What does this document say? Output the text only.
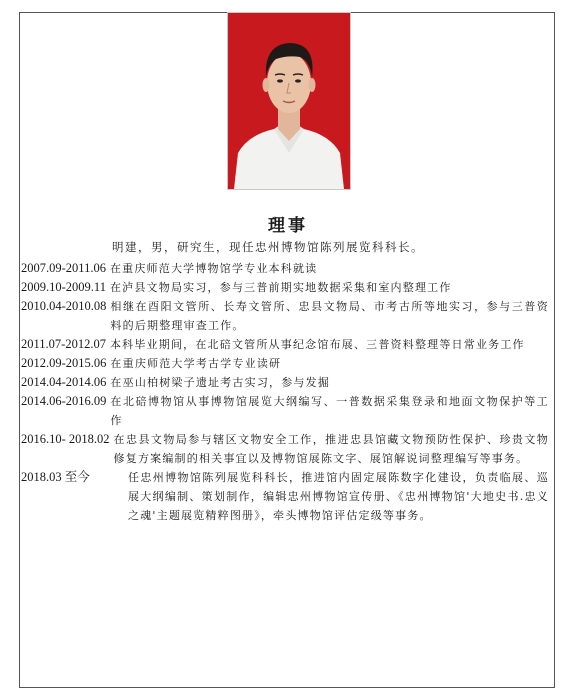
理事
明建，男，研究生，现任忠州博物馆陈列展览科科长。
2007.09-2011.06 在重庆师范大学博物馆学专业本科就读
2009.10-2009.11 在泸县文物局实习，参与三普前期实地数据采集和室内整理工作
2010.04-2010.08 相继在酉阳文管所、长寿文管所、忠县文物局、市考古所等地实习，参与三普资料的后期整理审查工作。
2011.07-2012.07 本科毕业期间，在北碚文管所从事纪念馆布展、三普资料整理等日常业务工作
2012.09-2015.06 在重庆师范大学考古学专业读研
2014.04-2014.06 在巫山柏树梁子遗址考古实习，参与发掘
2014.06-2016.09 在北碚博物馆从事博物馆展览大纲编写、一普数据采集登录和地面文物保护等工作
2016.10- 2018.02 在忠县文物局参与辖区文物安全工作，推进忠县馆藏文物预防性保护、珍贵文物修复方案编制的相关事宜以及博物馆展陈文字、展馆解说词整理编写等事务。
2018.03 至今	任忠州博物馆陈列展览科科长，推进馆内固定展陈数字化建设，负责临展、巡展大纲编制、策划制作，编辑忠州博物馆宣传册、《忠州博物馆'大地史书.忠义之魂'主题展览精粹图册》，牵头博物馆评估定级等事务。
